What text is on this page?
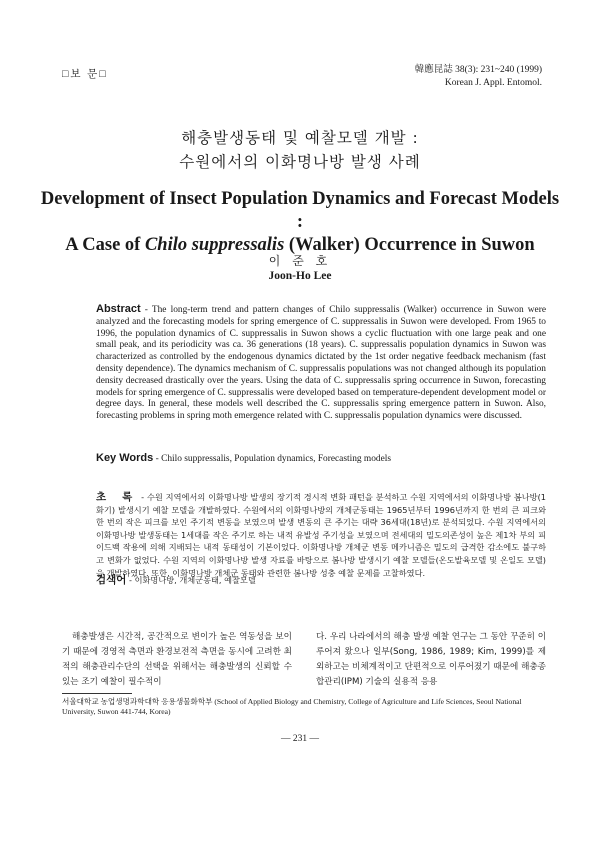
□보 문□	韓應昆誌 38(3): 231~240 (1999)
Korean J. Appl. Entomol.
해충발생동태 및 예찰모델 개발 :
수원에서의 이화명나방 발생 사례
Development of Insect Population Dynamics and Forecast Models :
A Case of Chilo suppressalis (Walker) Occurrence in Suwon
이 준 호
Joon-Ho Lee
Abstract - The long-term trend and pattern changes of Chilo suppressalis (Walker) occurrence in Suwon were analyzed and the forecasting models for spring emergence of C. suppressalis in Suwon were developed. From 1965 to 1996, the population dynamics of C. suppressalis in Suwon shows a cyclic fluctuation with one large peak and one small peak, and its periodicity was ca. 36 generations (18 years). C. suppressalis population dynamics in Suwon was characterized as controlled by the endogenous dynamics dictated by the 1st order negative feedback mechanism (fast density dependence). The dynamics mechanism of C. suppressalis populations was not changed although its population density decreased drastically over the years. Using the data of C. suppressalis spring occurrence in Suwon, forecasting models for spring emergence of C. suppressalis were developed based on temperature-dependent development model or degree days. In general, these models well described the C. suppressalis spring emergence pattern in Suwon. Also, forecasting problems in spring moth emergence related with C. suppressalis population dynamics were discussed.
Key Words - Chilo suppressalis, Population dynamics, Forecasting models
초 록 - 수원 지역에서의 이화명나방 발생의 장기적 경시적 변화 패턴을 분석하고 수원 지역에서의 이화명나방 봄나방(1화기) 발생시기 예찰 모델을 개발하였다. 수원에서의 이화명나방의 개체군동태는 1965년부터 1996년까지 한 번의 큰 피크와 한 번의 작은 피크를 보인 주기적 변동을 보였으며 발생 변동의 큰 주기는 대략 36세대(18년)로 분석되었다. 수원 지역에서의 이화명나방 발생동태는 1세대를 작은 주기로 하는 내적 유발성 주기성을 보였으며 전세대의 밀도의존성이 높은 제1차 부의 피이드백 작용에 의해 지배되는 내적 동태성이 기본이었다. 이화명나방 개체군 변동 메카니즘은 밀도의 급격한 감소에도 불구하고 변화가 없었다. 수원 지역의 이화명나방 발생 자료를 바탕으로 봄나방 발생시기 예찰 모델들(온도발육모델 및 온일도 모델)을 개발하였다. 또한, 이화명나방 개체군 동태와 관련한 봄나방 성충 예찰 문제를 고찰하였다.
검색어 - 이화명나방, 개체군동태, 예찰모델
해충발생은 시간적, 공간적으로 변이가 높은 역동성을 보이기 때문에 경영적 측면과 환경보전적 측면을 동시에 고려한 최적의 해충관리수단의 선택을 위해서는 해충발생의 신뢰할 수 있는 조기 예찰이 필수적이
다. 우리 나라에서의 해충 발생 예찰 연구는 그 동안 꾸준히 이루어져 왔으나 일부(Song, 1986, 1989; Kim, 1999)를 제외하고는 비체계적이고 단편적으로 이루어졌기 때문에 해충종합관리(IPM) 기술의 실용적 응용
서울대학교 농업생명과학대학 응용생물화학부 (School of Applied Biology and Chemistry, College of Agriculture and Life Sciences, Seoul National University, Suwon 441-744, Korea)
— 231 —
